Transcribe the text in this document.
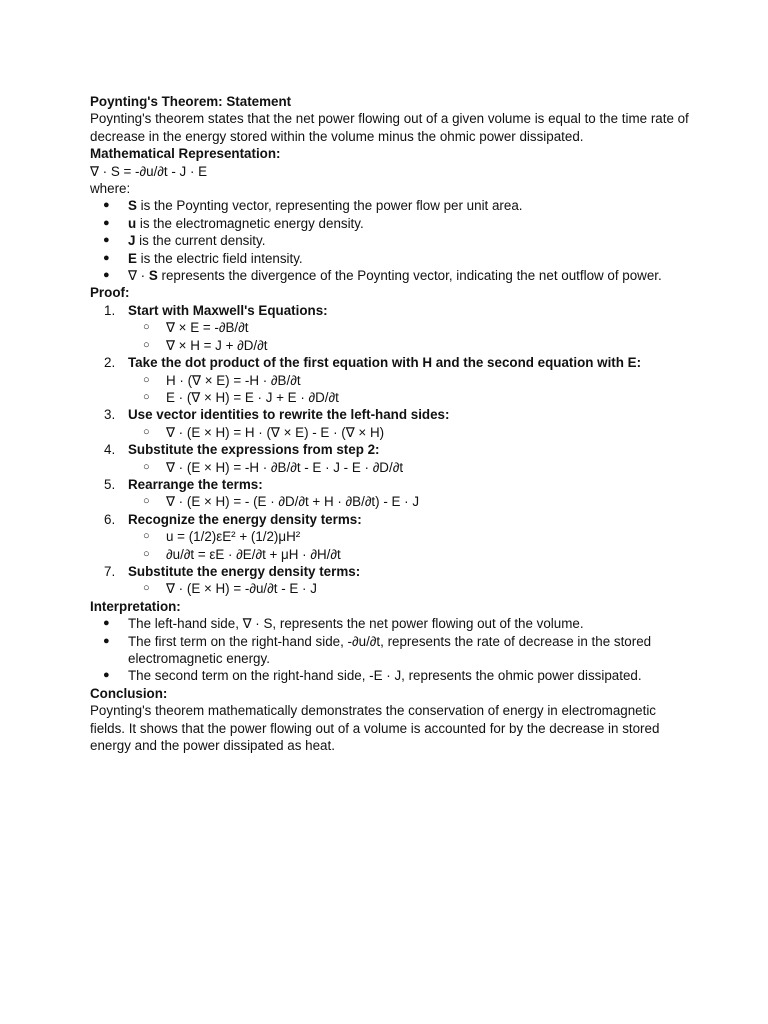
Poynting's Theorem: Statement

Poynting's theorem states that the net power flowing out of a given volume is equal to the time rate of decrease in the energy stored within the volume minus the ohmic power dissipated.

Mathematical Representation:

∇ · S = -∂u/∂t - J · E

where:

● S is the Poynting vector, representing the power flow per unit area.
● u is the electromagnetic energy density.
● J is the current density.
● E is the electric field intensity.
● ∇ · S represents the divergence of the Poynting vector, indicating the net outflow of power.

Proof:

1. Start with Maxwell's Equations:
○ ∇ × E = -∂B/∂t
○ ∇ × H = J + ∂D/∂t
2. Take the dot product of the first equation with H and the second equation with E:
○ H · (∇ × E) = -H · ∂B/∂t
○ E · (∇ × H) = E · J + E · ∂D/∂t
3. Use vector identities to rewrite the left-hand sides:
○ ∇ · (E × H) = H · (∇ × E) - E · (∇ × H)
4. Substitute the expressions from step 2:
○ ∇ · (E × H) = -H · ∂B/∂t - E · J - E · ∂D/∂t
5. Rearrange the terms:
○ ∇ · (E × H) = - (E · ∂D/∂t + H · ∂B/∂t) - E · J
6. Recognize the energy density terms:
○ u = (1/2)εE² + (1/2)μH²
○ ∂u/∂t = εE · ∂E/∂t + μH · ∂H/∂t
7. Substitute the energy density terms:
○ ∇ · (E × H) = -∂u/∂t - E · J

Interpretation:

● The left-hand side, ∇ · S, represents the net power flowing out of the volume.
● The first term on the right-hand side, -∂u/∂t, represents the rate of decrease in the stored electromagnetic energy.
● The second term on the right-hand side, -E · J, represents the ohmic power dissipated.

Conclusion:

Poynting's theorem mathematically demonstrates the conservation of energy in electromagnetic fields. It shows that the power flowing out of a volume is accounted for by the decrease in stored energy and the power dissipated as heat.
